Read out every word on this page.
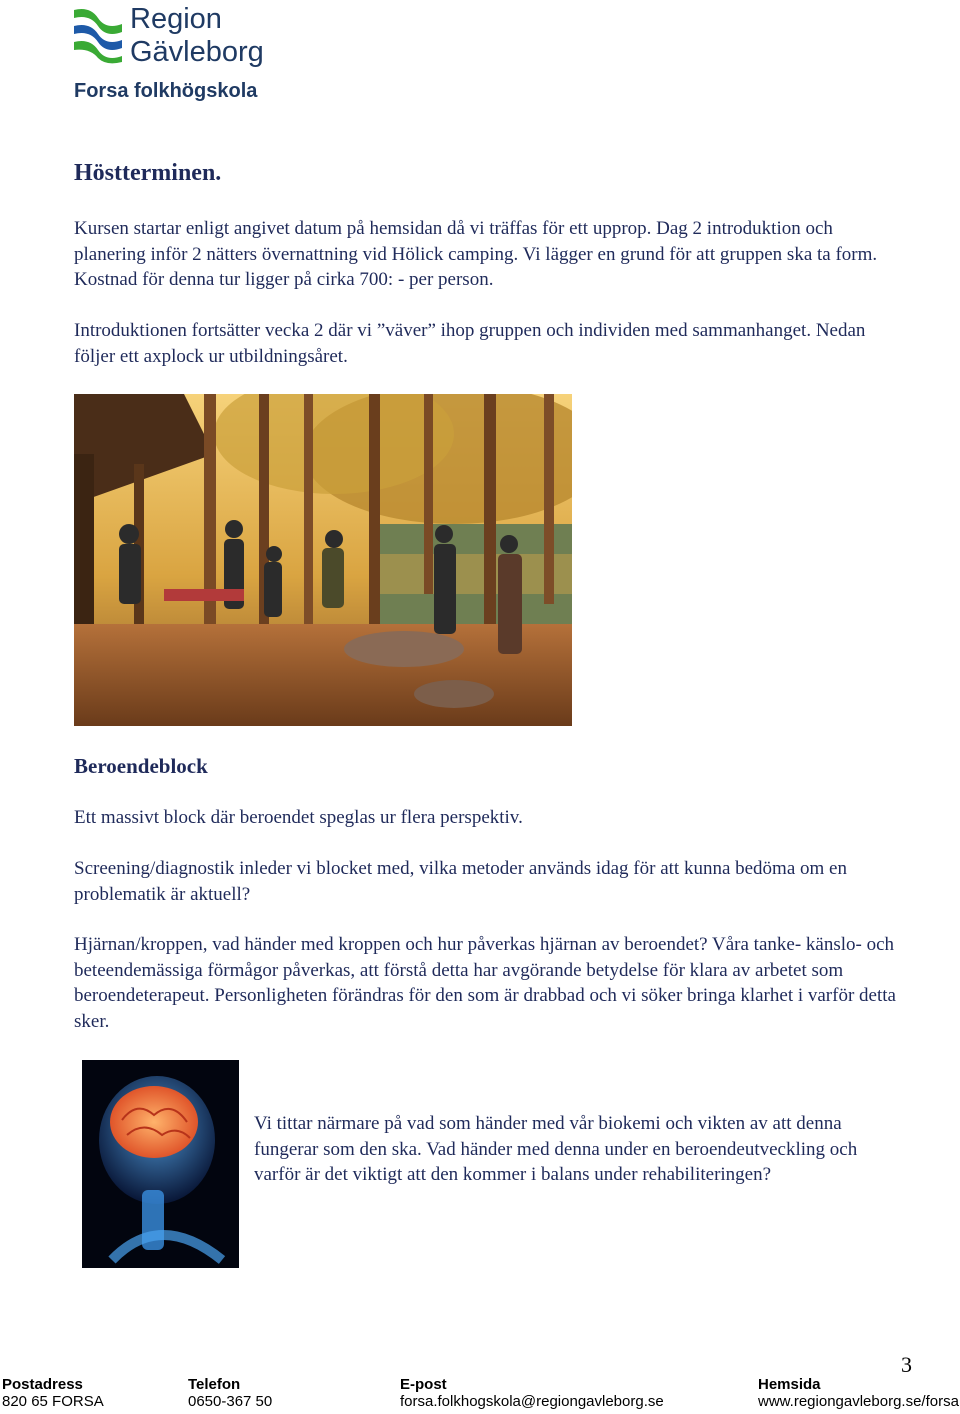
Region
Gävleborg
Forsa folkhögskola
Höstterminen.
Kursen startar enligt angivet datum på hemsidan då vi träffas för ett upprop. Dag 2 introduktion och planering inför 2 nätters övernattning vid Hölick camping. Vi lägger en grund för att gruppen ska ta form. Kostnad för denna tur ligger på cirka 700: - per person.
Introduktionen fortsätter vecka 2 där vi ”väver” ihop gruppen och individen med sammanhanget. Nedan följer ett axplock ur utbildningsåret.
Beroendeblock
Ett massivt block där beroendet speglas ur flera perspektiv.
Screening/diagnostik inleder vi blocket med, vilka metoder används idag för att kunna bedöma om en problematik är aktuell?
Hjärnan/kroppen, vad händer med kroppen och hur påverkas hjärnan av beroendet? Våra tanke- känslo- och beteendemässiga förmågor påverkas, att förstå detta har avgörande betydelse för klara av arbetet som beroendeterapeut. Personligheten förändras för den som är drabbad och vi söker bringa klarhet i varför detta sker.
Vi tittar närmare på vad som händer med vår biokemi och vikten av att denna fungerar som den ska. Vad händer med denna under en beroendeutveckling och varför är det viktigt att den kommer i balans under rehabiliteringen?
3
Postadress
820 65 FORSA
Telefon
0650-367 50
E-post
forsa.folkhogskola@regiongavleborg.se
Hemsida
www.regiongavleborg.se/forsa
